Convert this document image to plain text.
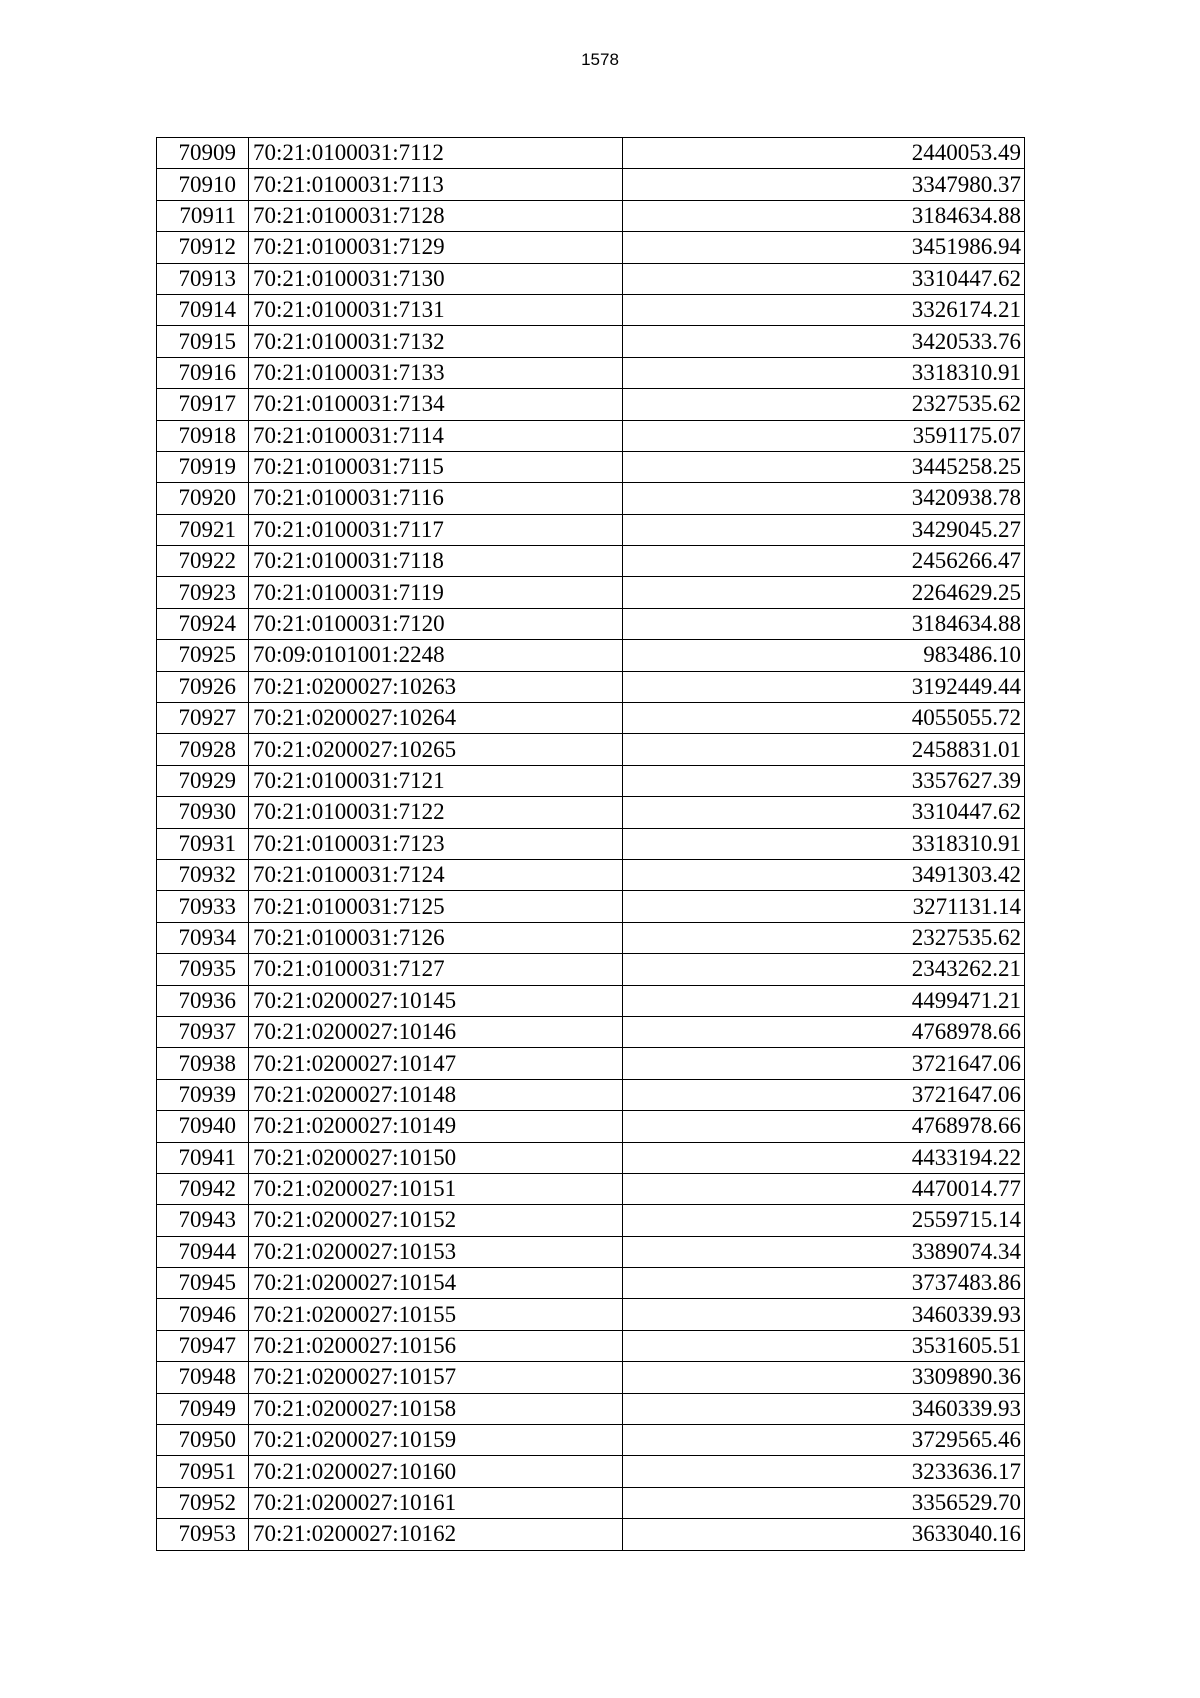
1578
70909	70:21:0100031:7112	2440053.49
70910	70:21:0100031:7113	3347980.37
70911	70:21:0100031:7128	3184634.88
70912	70:21:0100031:7129	3451986.94
70913	70:21:0100031:7130	3310447.62
70914	70:21:0100031:7131	3326174.21
70915	70:21:0100031:7132	3420533.76
70916	70:21:0100031:7133	3318310.91
70917	70:21:0100031:7134	2327535.62
70918	70:21:0100031:7114	3591175.07
70919	70:21:0100031:7115	3445258.25
70920	70:21:0100031:7116	3420938.78
70921	70:21:0100031:7117	3429045.27
70922	70:21:0100031:7118	2456266.47
70923	70:21:0100031:7119	2264629.25
70924	70:21:0100031:7120	3184634.88
70925	70:09:0101001:2248	983486.10
70926	70:21:0200027:10263	3192449.44
70927	70:21:0200027:10264	4055055.72
70928	70:21:0200027:10265	2458831.01
70929	70:21:0100031:7121	3357627.39
70930	70:21:0100031:7122	3310447.62
70931	70:21:0100031:7123	3318310.91
70932	70:21:0100031:7124	3491303.42
70933	70:21:0100031:7125	3271131.14
70934	70:21:0100031:7126	2327535.62
70935	70:21:0100031:7127	2343262.21
70936	70:21:0200027:10145	4499471.21
70937	70:21:0200027:10146	4768978.66
70938	70:21:0200027:10147	3721647.06
70939	70:21:0200027:10148	3721647.06
70940	70:21:0200027:10149	4768978.66
70941	70:21:0200027:10150	4433194.22
70942	70:21:0200027:10151	4470014.77
70943	70:21:0200027:10152	2559715.14
70944	70:21:0200027:10153	3389074.34
70945	70:21:0200027:10154	3737483.86
70946	70:21:0200027:10155	3460339.93
70947	70:21:0200027:10156	3531605.51
70948	70:21:0200027:10157	3309890.36
70949	70:21:0200027:10158	3460339.93
70950	70:21:0200027:10159	3729565.46
70951	70:21:0200027:10160	3233636.17
70952	70:21:0200027:10161	3356529.70
70953	70:21:0200027:10162	3633040.16
